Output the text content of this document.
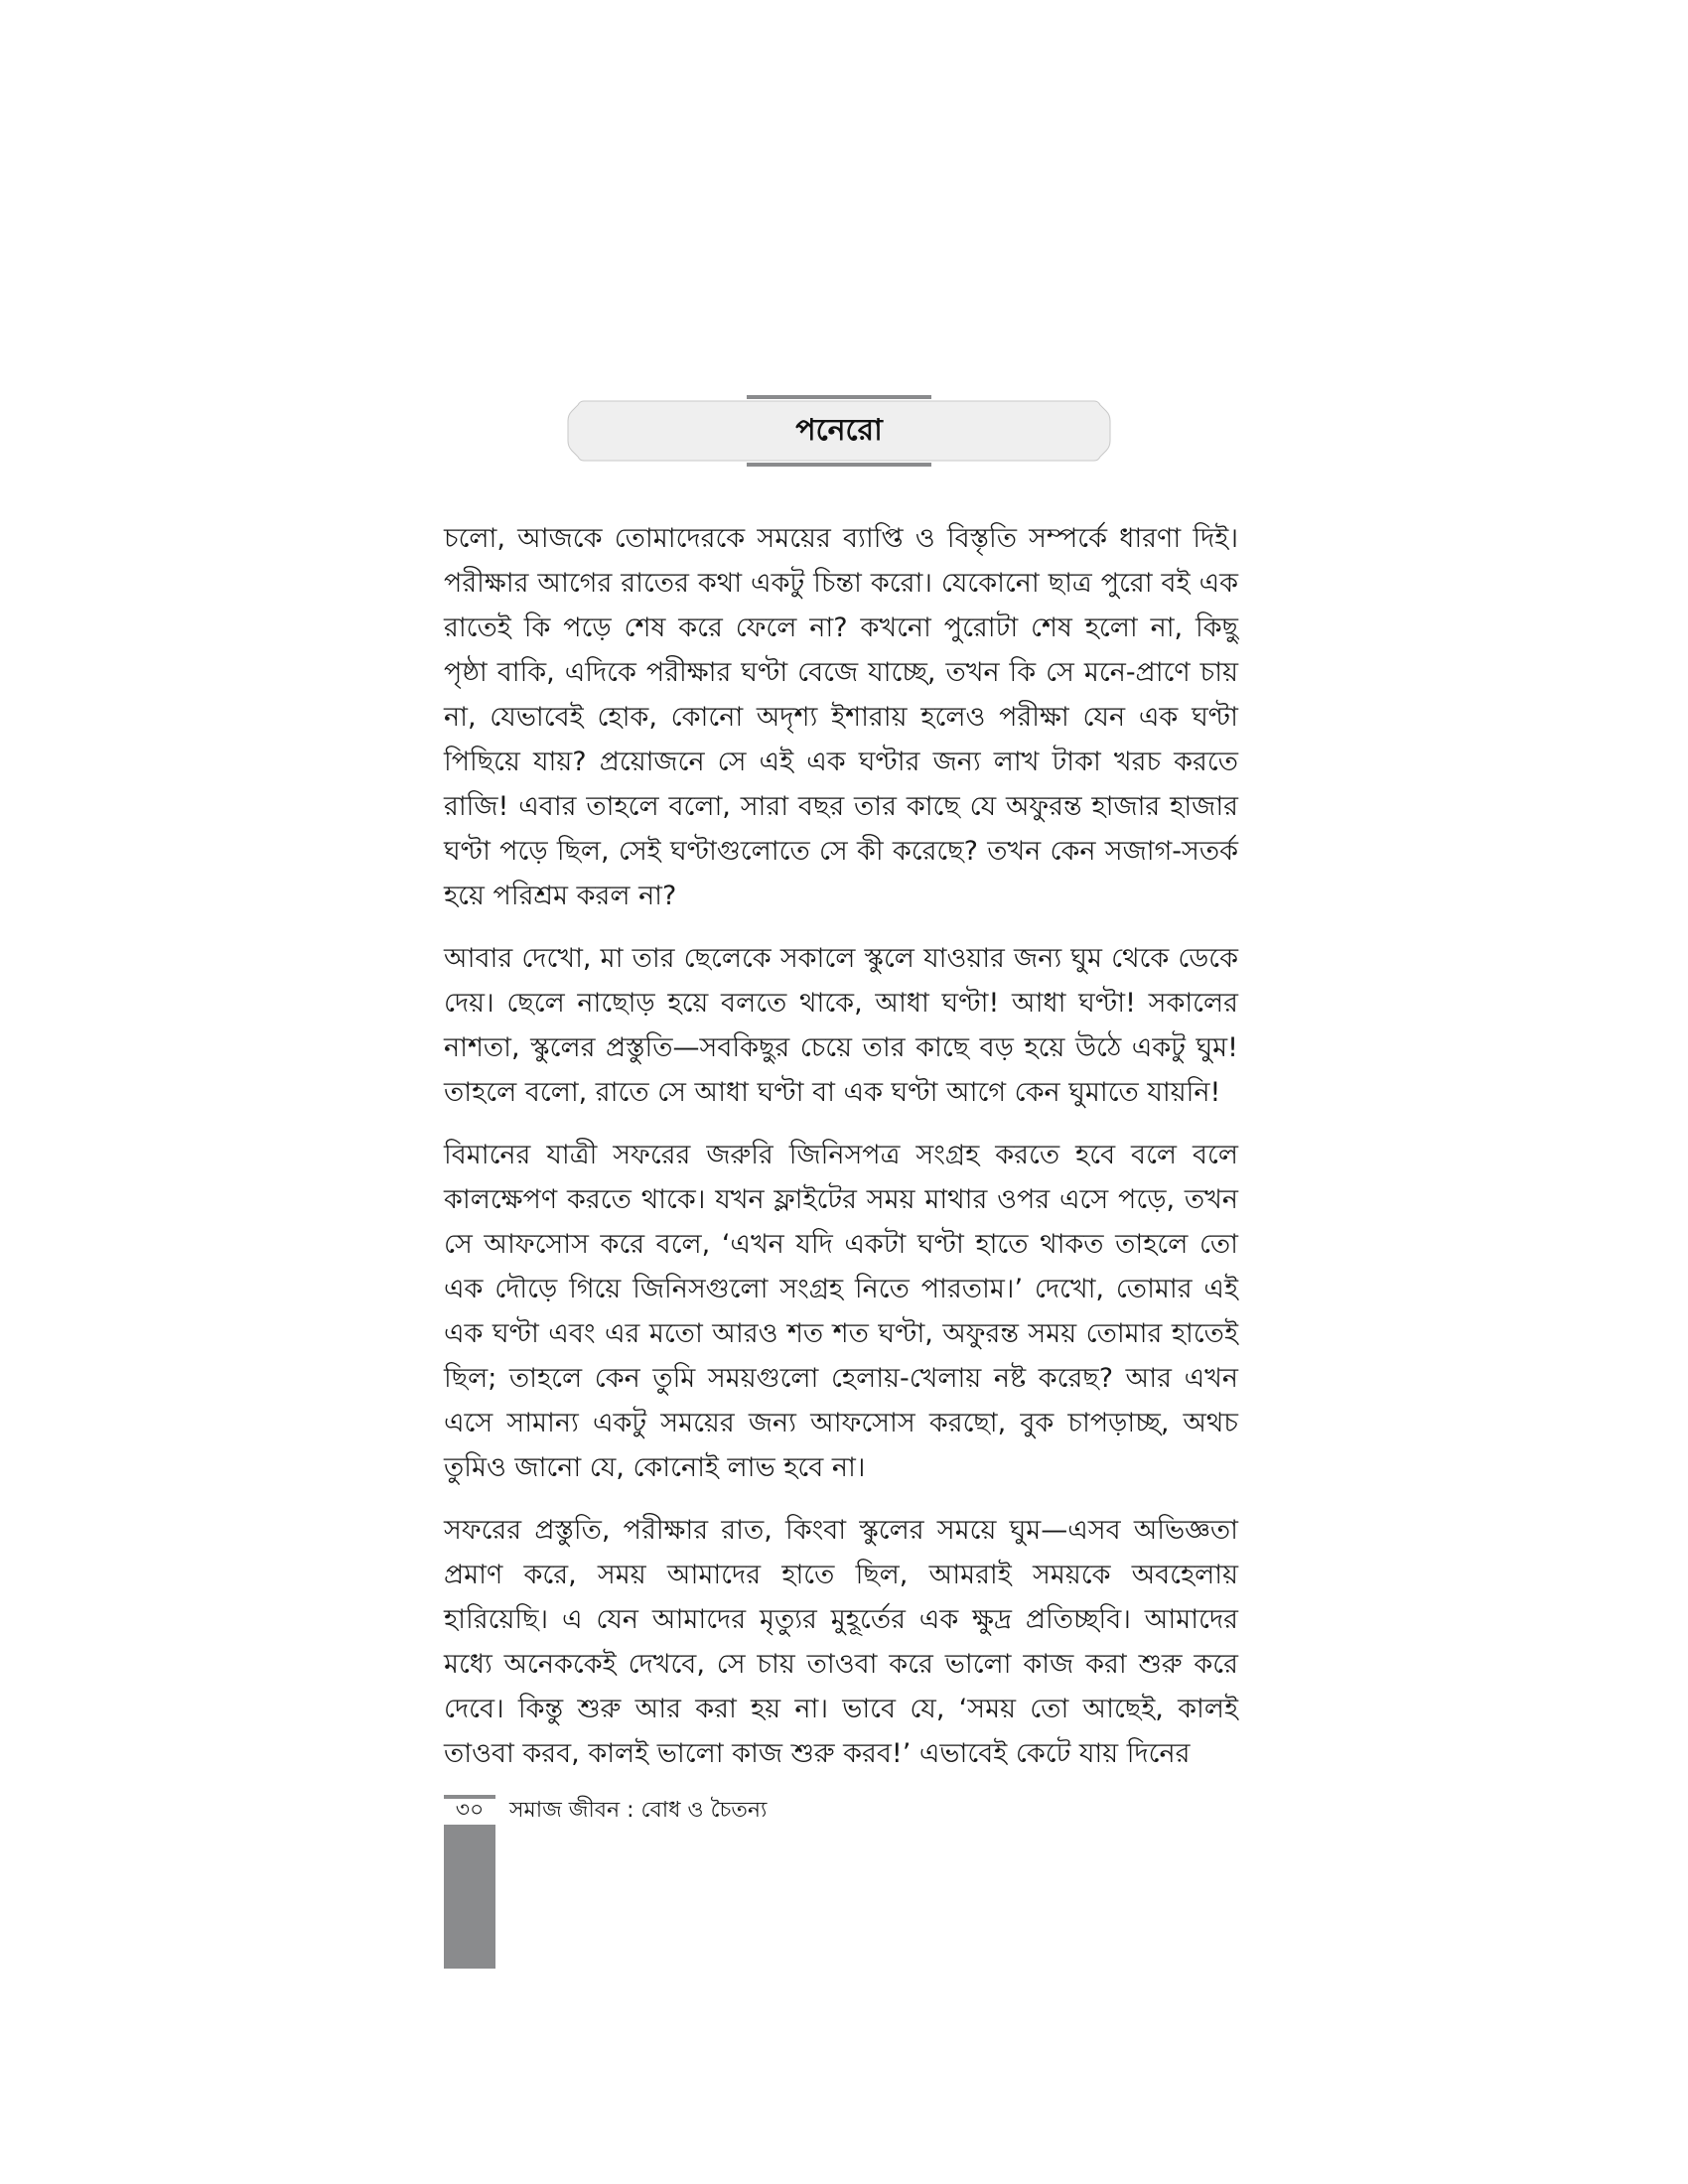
পনেরো

চলো, আজকে তোমাদেরকে সময়ের ব্যাপ্তি ও বিস্তৃতি সম্পর্কে ধারণা দিই। পরীক্ষার আগের রাতের কথা একটু চিন্তা করো। যেকোনো ছাত্র পুরো বই এক রাতেই কি পড়ে শেষ করে ফেলে না? কখনো পুরোটা শেষ হলো না, কিছু পৃষ্ঠা বাকি, এদিকে পরীক্ষার ঘণ্টা বেজে যাচ্ছে, তখন কি সে মনে-প্রাণে চায় না, যেভাবেই হোক, কোনো অদৃশ্য ইশারায় হলেও পরীক্ষা যেন এক ঘণ্টা পিছিয়ে যায়? প্রয়োজনে সে এই এক ঘণ্টার জন্য লাখ টাকা খরচ করতে রাজি! এবার তাহলে বলো, সারা বছর তার কাছে যে অফুরন্ত হাজার হাজার ঘণ্টা পড়ে ছিল, সেই ঘণ্টাগুলোতে সে কী করেছে? তখন কেন সজাগ-সতর্ক হয়ে পরিশ্রম করল না?

আবার দেখো, মা তার ছেলেকে সকালে স্কুলে যাওয়ার জন্য ঘুম থেকে ডেকে দেয়। ছেলে নাছোড় হয়ে বলতে থাকে, আধা ঘণ্টা! আধা ঘণ্টা! সকালের নাশতা, স্কুলের প্রস্তুতি—সবকিছুর চেয়ে তার কাছে বড় হয়ে উঠে একটু ঘুম! তাহলে বলো, রাতে সে আধা ঘণ্টা বা এক ঘণ্টা আগে কেন ঘুমাতে যায়নি!

বিমানের যাত্রী সফরের জরুরি জিনিসপত্র সংগ্রহ করতে হবে বলে বলে কালক্ষেপণ করতে থাকে। যখন ফ্লাইটের সময় মাথার ওপর এসে পড়ে, তখন সে আফসোস করে বলে, ‘এখন যদি একটা ঘণ্টা হাতে থাকত তাহলে তো এক দৌড়ে গিয়ে জিনিসগুলো সংগ্রহ নিতে পারতাম।’ দেখো, তোমার এই এক ঘণ্টা এবং এর মতো আরও শত শত ঘণ্টা, অফুরন্ত সময় তোমার হাতেই ছিল; তাহলে কেন তুমি সময়গুলো হেলায়-খেলায় নষ্ট করেছ? আর এখন এসে সামান্য একটু সময়ের জন্য আফসোস করছো, বুক চাপড়াচ্ছ, অথচ তুমিও জানো যে, কোনোই লাভ হবে না।

সফরের প্রস্তুতি, পরীক্ষার রাত, কিংবা স্কুলের সময়ে ঘুম—এসব অভিজ্ঞতা প্রমাণ করে, সময় আমাদের হাতে ছিল, আমরাই সময়কে অবহেলায় হারিয়েছি। এ যেন আমাদের মৃত্যুর মুহূর্তের এক ক্ষুদ্র প্রতিচ্ছবি। আমাদের মধ্যে অনেককেই দেখবে, সে চায় তাওবা করে ভালো কাজ করা শুরু করে দেবে। কিন্তু শুরু আর করা হয় না। ভাবে যে, ‘সময় তো আছেই, কালই তাওবা করব, কালই ভালো কাজ শুরু করব!’ এভাবেই কেটে যায় দিনের

৩০	সমাজ জীবন : বোধ ও চৈতন্য
